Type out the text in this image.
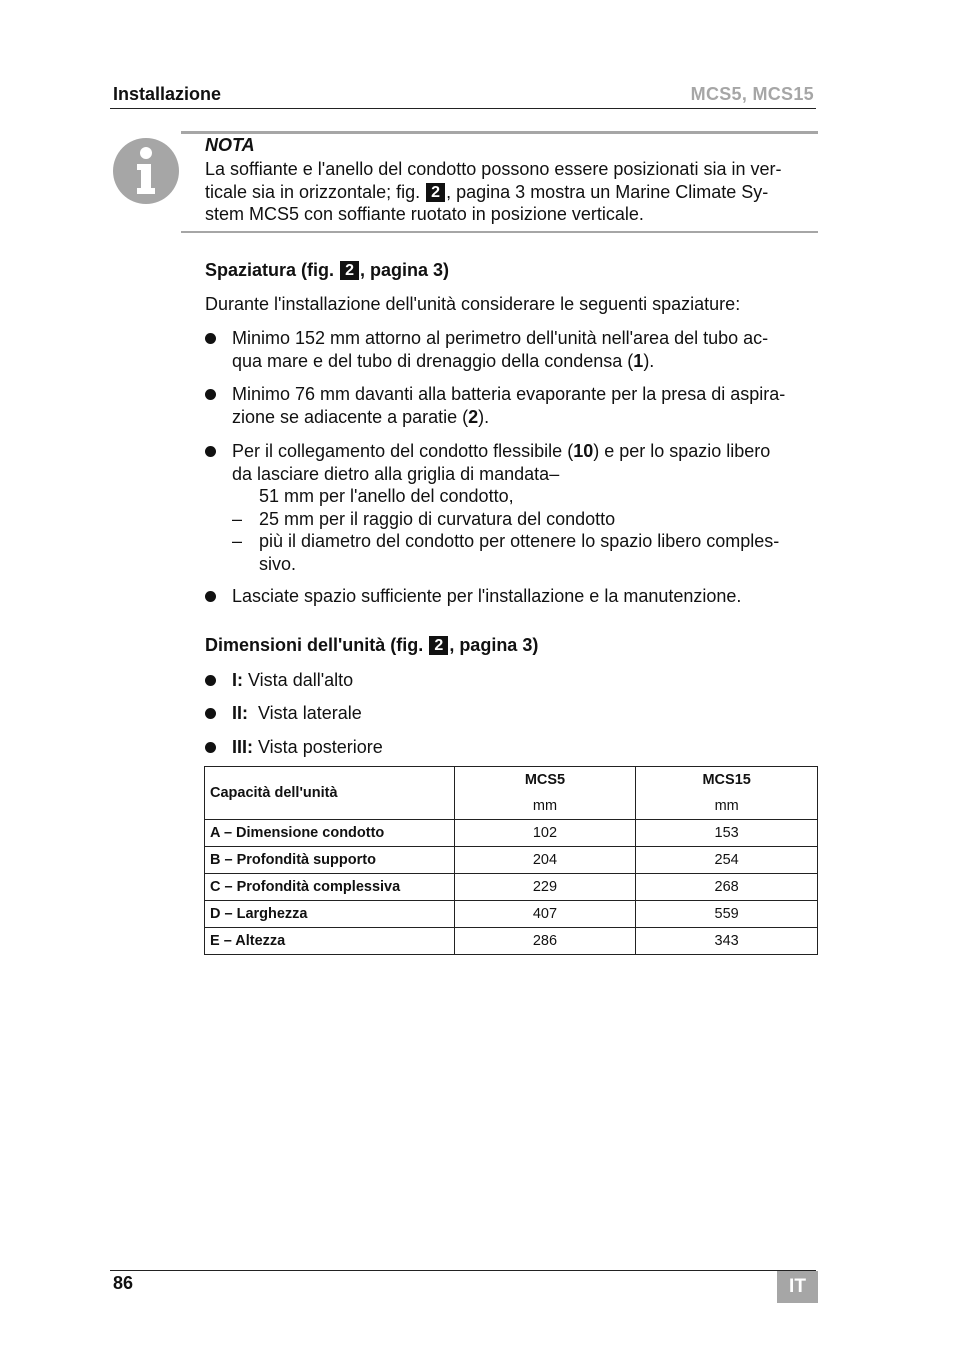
Installazione	MCS5, MCS15
NOTA
La soffiante e l'anello del condotto possono essere posizionati sia in ver-
ticale sia in orizzontale; fig. 2 , pagina 3 mostra un Marine Climate Sy-
stem MCS5 con soffiante ruotato in posizione verticale.
Spaziatura (fig. 2 , pagina 3)
Durante l'installazione dell'unità considerare le seguenti spaziature:
Minimo 152 mm attorno al perimetro dell'unità nell'area del tubo ac-
qua mare e del tubo di drenaggio della condensa (1).
Minimo 76 mm davanti alla batteria evaporante per la presa di aspira-
zione se adiacente a paratie (2).
Per il collegamento del condotto flessibile (10) e per lo spazio libero
da lasciare dietro alla griglia di mandata –
51 mm per l'anello del condotto,
– 25 mm per il raggio di curvatura del condotto
– più il diametro del condotto per ottenere lo spazio libero comples-
sivo.
Lasciate spazio sufficiente per l'installazione e la manutenzione.
Dimensioni dell'unità (fig. 2 , pagina 3)
I: Vista dall'alto
II:  Vista laterale
III: Vista posteriore
Capacità dell'unità	MCS5	MCS15
	mm	mm
A – Dimensione condotto	102	153
B – Profondità supporto	204	254
C – Profondità complessiva	229	268
D – Larghezza	407	559
E – Altezza	286	343
86	IT
